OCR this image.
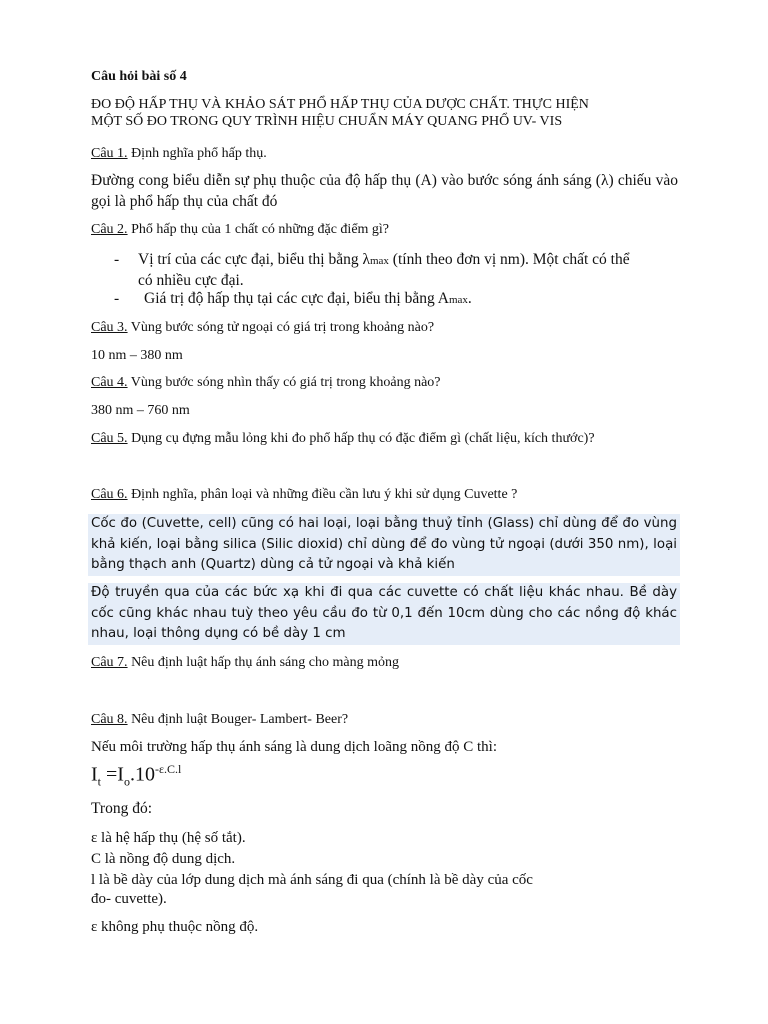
Câu hỏi bài số 4

ĐO ĐỘ HẤP THỤ VÀ KHẢO SÁT PHỔ HẤP THỤ CỦA DƯỢC CHẤT. THỰC HIỆN MỘT SỐ ĐO TRONG QUY TRÌNH HIỆU CHUẨN MÁY QUANG PHỔ UV- VIS

Câu 1. Định nghĩa phổ hấp thụ.

Đường cong biểu diễn sự phụ thuộc của độ hấp thụ (A) vào bước sóng ánh sáng (λ) chiếu vào gọi là phổ hấp thụ của chất đó

Câu 2. Phổ hấp thụ của 1 chất có những đặc điểm gì?

- Vị trí của các cực đại, biểu thị bằng λmax (tính theo đơn vị nm). Một chất có thể có nhiều cực đại.
- Giá trị độ hấp thụ tại các cực đại, biểu thị bằng Amax.

Câu 3. Vùng bước sóng tử ngoại có giá trị trong khoảng nào?

10 nm – 380 nm

Câu 4. Vùng bước sóng nhìn thấy có giá trị trong khoảng nào?

380 nm – 760 nm

Câu 5. Dụng cụ đựng mẫu lỏng khi đo phổ hấp thụ có đặc điểm gì (chất liệu, kích thước)?

Câu 6. Định nghĩa, phân loại và những điều cần lưu ý khi sử dụng Cuvette ?

Cốc đo (Cuvette, cell) cũng có hai loại, loại bằng thuỷ tỉnh (Glass) chỉ dùng để đo vùng khả kiến, loại bằng silica (Silic dioxid) chỉ dùng để đo vùng tử ngoại (dưới 350 nm), loại bằng thạch anh (Quartz) dùng cả tử ngoại và khả kiến

Độ truyền qua của các bức xạ khi đi qua các cuvette có chất liệu khác nhau. Bề dày cốc cũng khác nhau tuỳ theo yêu cầu đo từ 0,1 đến 10cm dùng cho các nồng độ khác nhau, loại thông dụng có bề dày 1 cm

Câu 7. Nêu định luật hấp thụ ánh sáng cho màng mỏng

Câu 8. Nêu định luật Bouger- Lambert- Beer?

Nếu môi trường hấp thụ ánh sáng là dung dịch loãng nồng độ C thì:

$I_t =I_o.10^{-\varepsilon.C.l}$

Trong đó:

ε là hệ hấp thụ (hệ số tắt).

C là nồng độ dung dịch.

l là bề dày của lớp dung dịch mà ánh sáng đi qua (chính là bề dày của cốc đo- cuvette).

ε không phụ thuộc nồng độ.
